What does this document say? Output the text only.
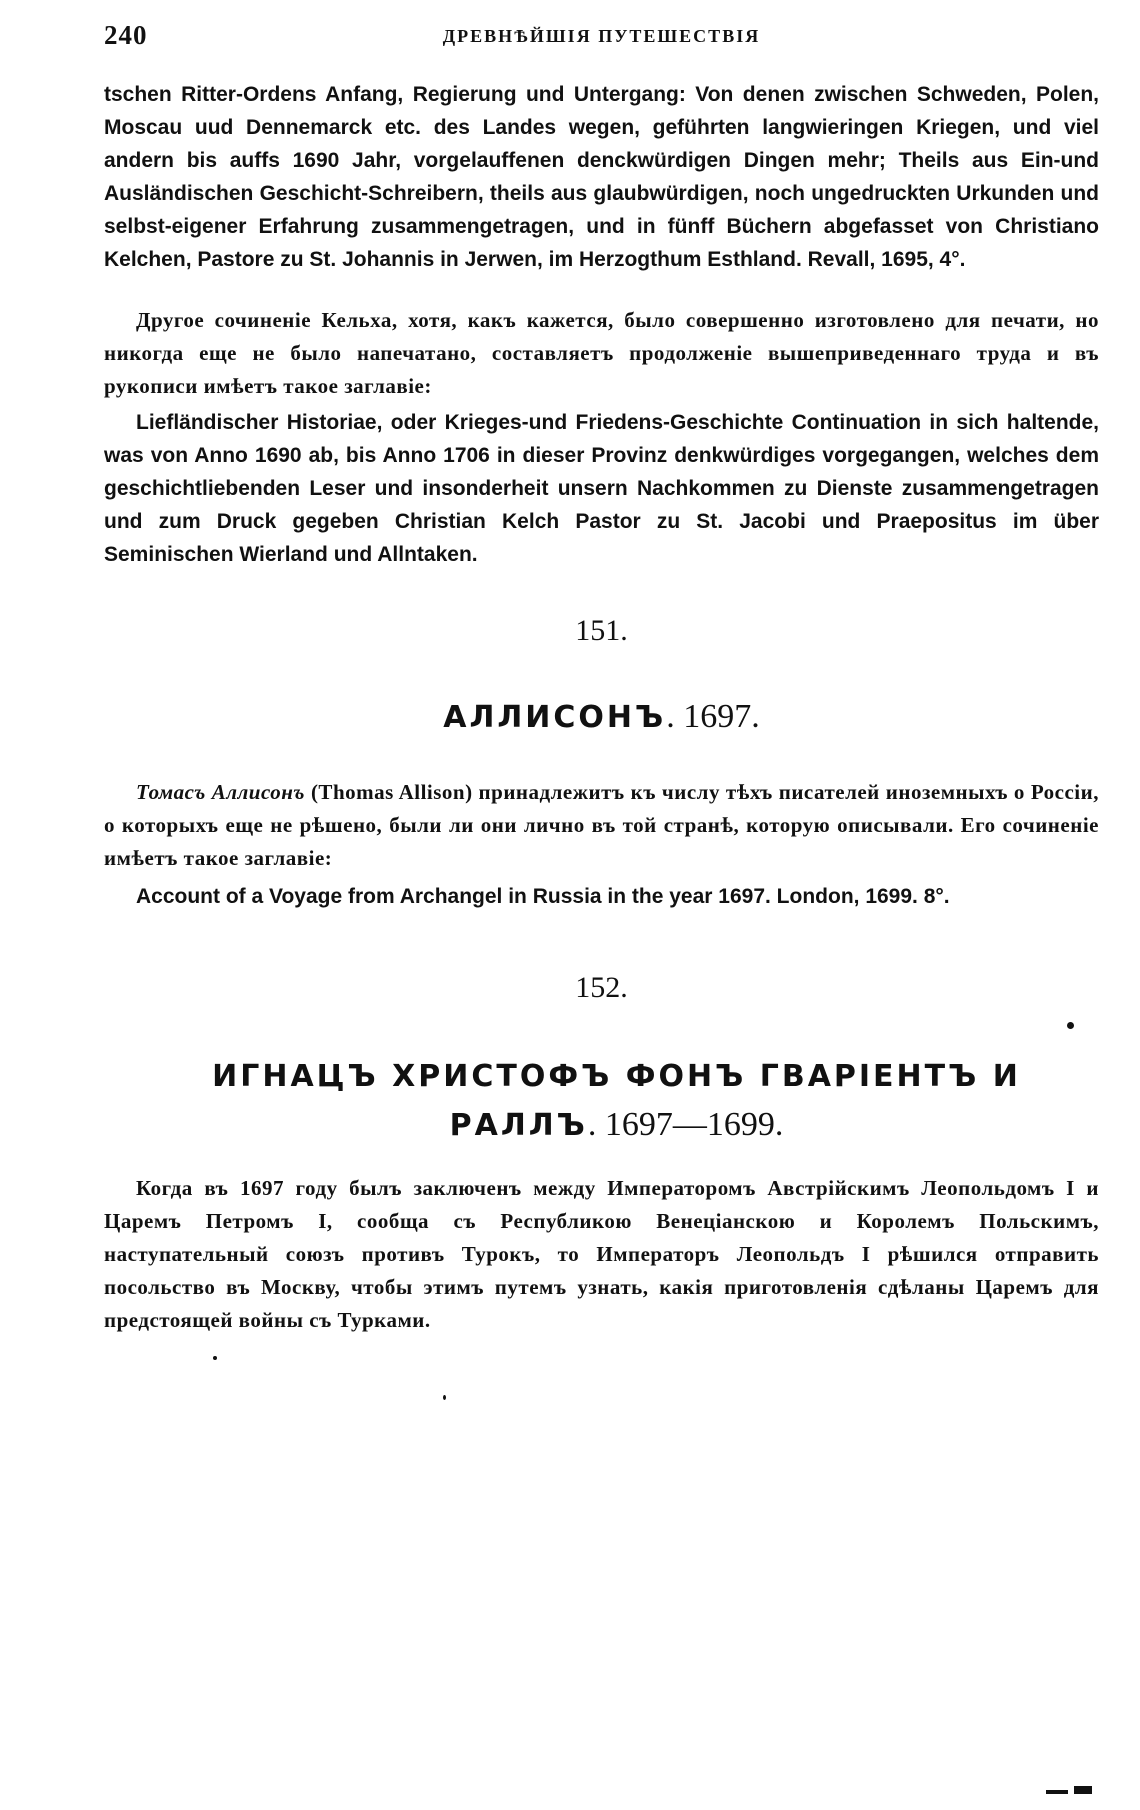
240	ДРЕВНѢЙШІЯ ПУТЕШЕСТВІЯ

tschen Ritter-Ordens Anfang, Regierung und Untergang: Von denen zwischen Schweden, Polen, Moscau uud Dennemarck etc. des Landes wegen, geführten langwieringen Kriegen, und viel andern bis auffs 1690 Jahr, vorgelauffenen denckwürdigen Dingen mehr; Theils aus Ein-und Ausländischen Geschicht-Schreibern, theils aus glaubwürdigen, noch ungedruckten Urkunden und selbst-eigener Erfahrung zusammengetragen, und in fünff Büchern abgefasset von Christiano Kelchen, Pastore zu St. Johannis in Jerwen, im Herzogthum Esthland. Revall, 1695, 4°.

Другое сочиненіе Кельха, хотя, какъ кажется, было совершенно изготовлено для печати, но никогда еще не было напечатано, составляетъ продолженіе вышеприведеннаго труда и въ рукописи имѣетъ такое заглавіе:

Liefländischer Historiae, oder Krieges-und Friedens-Geschichte Continuation in sich haltende, was von Anno 1690 ab, bis Anno 1706 in dieser Provinz denkwürdiges vorgegangen, welches dem geschichtliebenden Leser und insonderheit unsern Nachkommen zu Dienste zusammengetragen und zum Druck gegeben Christian Kelch Pastor zu St. Jacobi und Praepositus im über Seminischen Wierland und Allntaken.

151.
АЛЛИСОНЪ. 1697.

Томасъ Аллисонъ (Thomas Allison) принадлежитъ къ числу тѣхъ писателей иноземныхъ о Россіи, о которыхъ еще не рѣшено, были ли они лично въ той странѣ, которую описывали. Его сочиненіе имѣетъ такое заглавіе:

Account of a Voyage from Archangel in Russia in the year 1697. London, 1699. 8°.

152.
ИГНАЦЪ ХРИСТОФЪ ФОНЪ ГВАРІЕНТЪ И РАЛЛЪ. 1697—1699.

Когда въ 1697 году былъ заключенъ между Императоромъ Австрійскимъ Леопольдомъ I и Царемъ Петромъ I, сообща съ Республикою Венеціанскою и Королемъ Польскимъ, наступательный союзъ противъ Турокъ, то Императоръ Леопольдъ I рѣшился отправить посольство въ Москву, чтобы этимъ путемъ узнать, какія приготовленія сдѣланы Царемъ для предстоящей войны съ Турками.
